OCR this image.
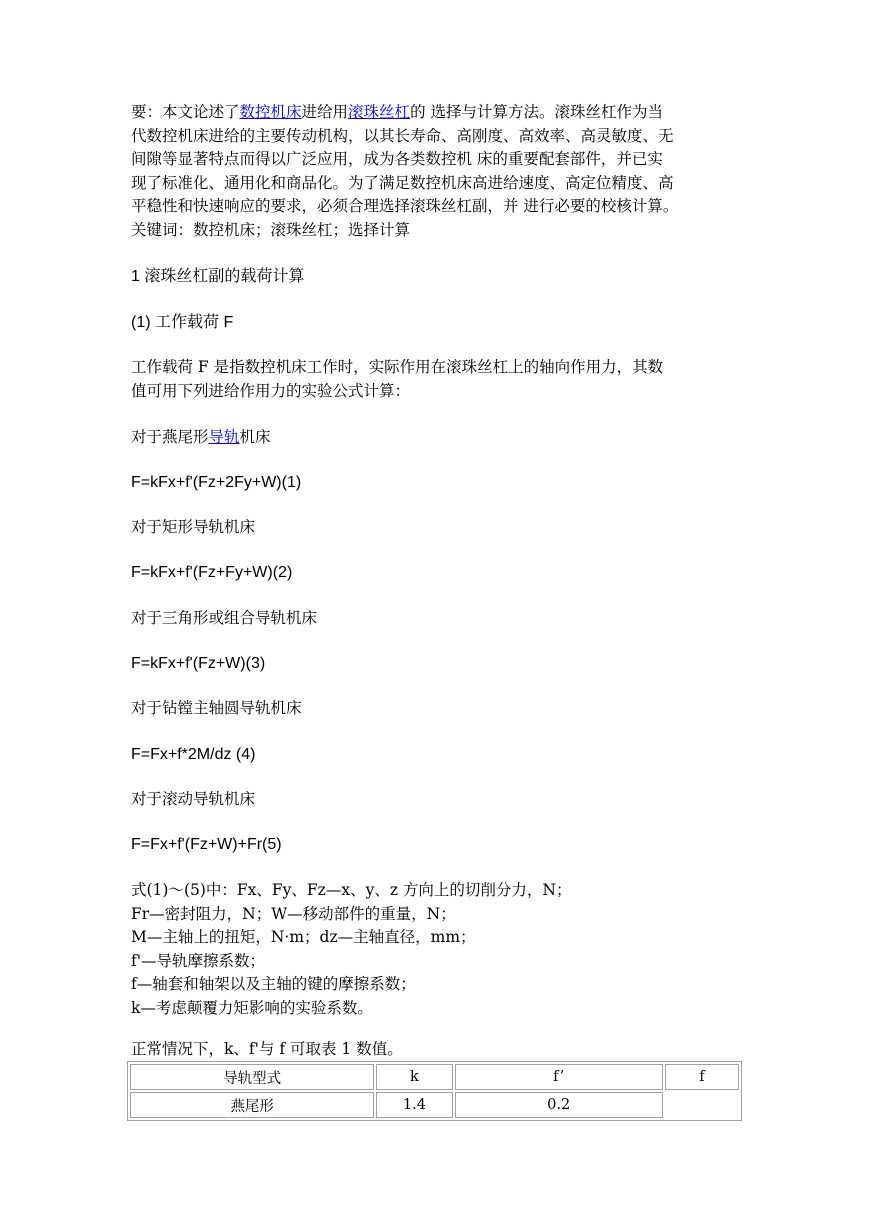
要：本文论述了数控机床进给用滚珠丝杠的 选择与计算方法。滚珠丝杠作为当

代数控机床进给的主要传动机构，以其长寿命、高刚度、高效率、高灵敏度、无

间隙等显著特点而得以广泛应用，成为各类数控机 床的重要配套部件，并已实

现了标准化、通用化和商品化。为了满足数控机床高进给速度、高定位精度、高

平稳性和快速响应的要求，必须合理选择滚珠丝杠副，并 进行必要的校核计算。

关键词：数控机床；滚珠丝杠；选择计算

1 滚珠丝杠副的载荷计算
(1) 工作载荷 F
工作载荷 F 是指数控机床工作时，实际作用在滚珠丝杠上的轴向作用力，其数
值可用下列进给作用力的实验公式计算：
对于燕尾形导轨机床
F=kFx+f'(Fz+2Fy+W)(1)
对于矩形导轨机床
F=kFx+f'(Fz+Fy+W)(2)
对于三角形或组合导轨机床
F=kFx+f'(Fz+W)(3)
对于钻镗主轴圆导轨机床
F=Fx+f*2M/dz (4)
对于滚动导轨机床
F=Fx+f'(Fz+W)+Fr(5)

式(1)～(5)中：Fx、Fy、Fz—x、y、z 方向上的切削分力，N；

Fr—密封阻力，N；W—移动部件的重量，N；

M—主轴上的扭矩，N·m；dz—主轴直径，mm；

f'—导轨摩擦系数；

f—轴套和轴架以及主轴的键的摩擦系数；

k—考虑颠覆力矩影响的实验系数。

正常情况下，k、f'与 f 可取表 1 数值。
导轨型式	k	f’	f
燕尾形	1.4	0.2	
